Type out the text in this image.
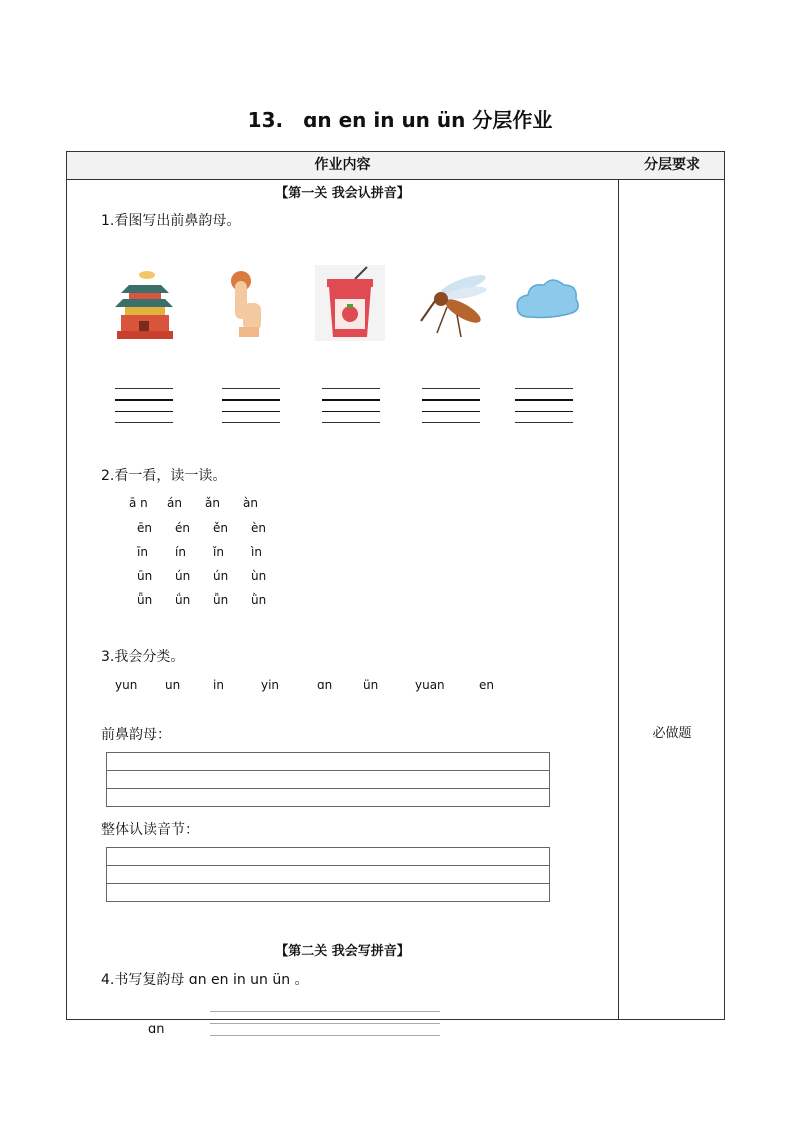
13.　ɑn en in un ün 分层作业
作业内容	分层要求
【第一关 我会认拼音】
1.看图写出前鼻韵母。
2.看一看，读一读。
ā n án ǎn àn
ēn én ěn èn
īn ín ǐn ìn
ūn ún ún ùn
ǖn ǘn ǚn ǜn
3.我会分类。
yun un	in	yin	ɑn	ün	yuan	en
前鼻韵母：
整体认读音节：
【第二关 我会写拼音】
4.书写复韵母 ɑn en in un ün 。
必做题
ɑn
